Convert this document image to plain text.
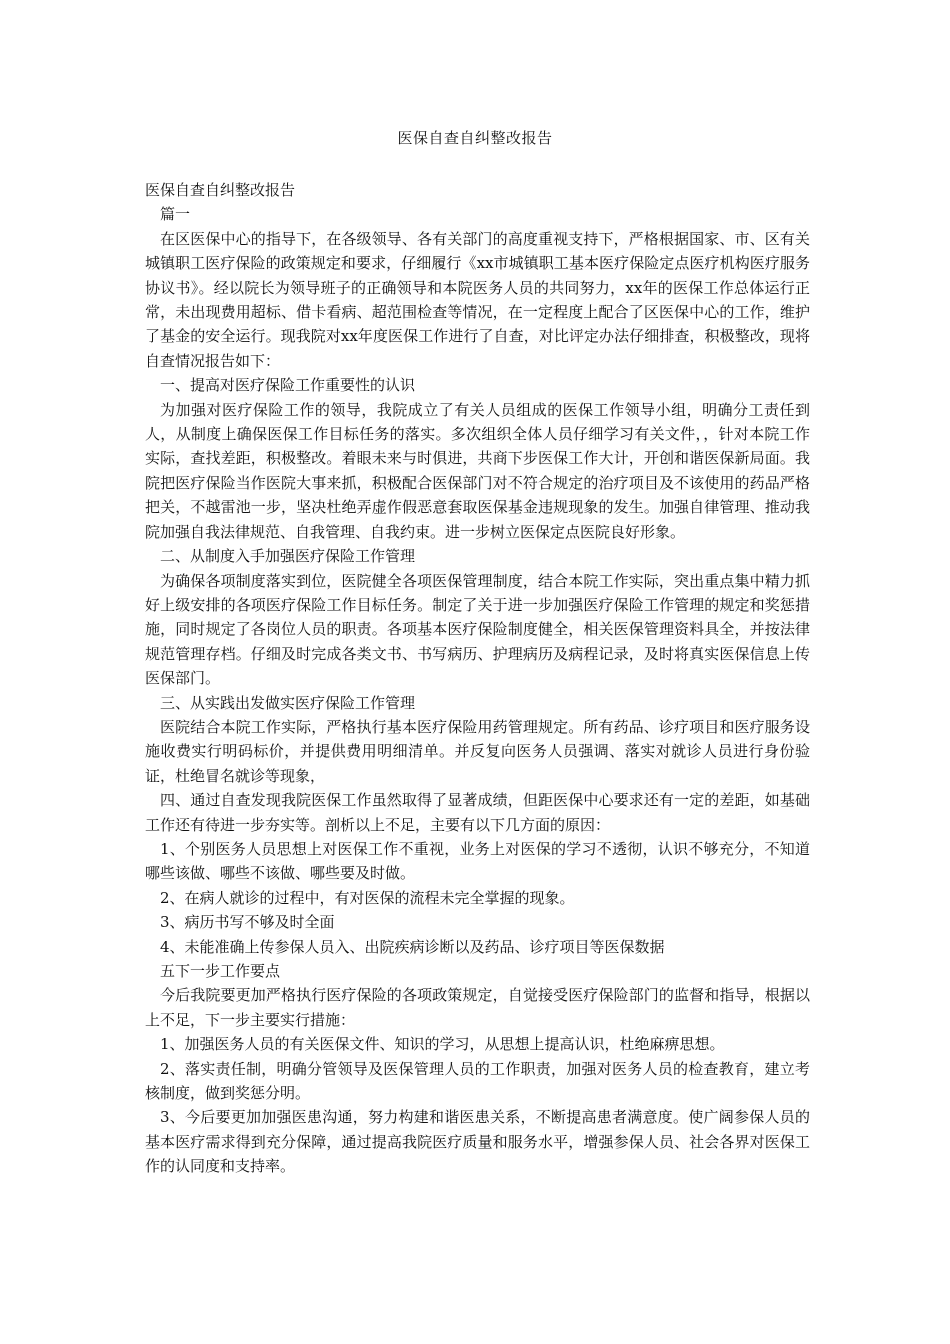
医保自查自纠整改报告

医保自查自纠整改报告

篇一

在区医保中心的指导下，在各级领导、各有关部门的高度重视支持下，严格根据国家、市、区有关城镇职工医疗保险的政策规定和要求，仔细履行《xx市城镇职工基本医疗保险定点医疗机构医疗服务协议书》。经以院长为领导班子的正确领导和本院医务人员的共同努力，xx年的医保工作总体运行正常，未出现费用超标、借卡看病、超范围检查等情况，在一定程度上配合了区医保中心的工作，维护了基金的安全运行。现我院对xx年度医保工作进行了自查，对比评定办法仔细排查，积极整改，现将自查情况报告如下：

一、提高对医疗保险工作重要性的认识

为加强对医疗保险工作的领导，我院成立了有关人员组成的医保工作领导小组，明确分工责任到人，从制度上确保医保工作目标任务的落实。多次组织全体人员仔细学习有关文件，，针对本院工作实际，查找差距，积极整改。着眼未来与时俱进，共商下步医保工作大计，开创和谐医保新局面。我院把医疗保险当作医院大事来抓，积极配合医保部门对不符合规定的治疗项目及不该使用的药品严格把关，不越雷池一步，坚决杜绝弄虚作假恶意套取医保基金违规现象的发生。加强自律管理、推动我院加强自我法律规范、自我管理、自我约束。进一步树立医保定点医院良好形象。

二、从制度入手加强医疗保险工作管理

为确保各项制度落实到位，医院健全各项医保管理制度，结合本院工作实际，突出重点集中精力抓好上级安排的各项医疗保险工作目标任务。制定了关于进一步加强医疗保险工作管理的规定和奖惩措施，同时规定了各岗位人员的职责。各项基本医疗保险制度健全，相关医保管理资料具全，并按法律规范管理存档。仔细及时完成各类文书、书写病历、护理病历及病程记录，及时将真实医保信息上传医保部门。

三、从实践出发做实医疗保险工作管理

医院结合本院工作实际，严格执行基本医疗保险用药管理规定。所有药品、诊疗项目和医疗服务设施收费实行明码标价，并提供费用明细清单。并反复向医务人员强调、落实对就诊人员进行身份验证，杜绝冒名就诊等现象，

四、通过自查发现我院医保工作虽然取得了显著成绩，但距医保中心要求还有一定的差距，如基础工作还有待进一步夯实等。剖析以上不足，主要有以下几方面的原因：

1、个别医务人员思想上对医保工作不重视，业务上对医保的学习不透彻，认识不够充分，不知道哪些该做、哪些不该做、哪些要及时做。

2、在病人就诊的过程中，有对医保的流程未完全掌握的现象。

3、病历书写不够及时全面

4、未能准确上传参保人员入、出院疾病诊断以及药品、诊疗项目等医保数据

五下一步工作要点

今后我院要更加严格执行医疗保险的各项政策规定，自觉接受医疗保险部门的监督和指导，根据以上不足，下一步主要实行措施：

1、加强医务人员的有关医保文件、知识的学习，从思想上提高认识，杜绝麻痹思想。

2、落实责任制，明确分管领导及医保管理人员的工作职责，加强对医务人员的检查教育，建立考核制度，做到奖惩分明。

3、今后要更加加强医患沟通，努力构建和谐医患关系，不断提高患者满意度。使广阔参保人员的基本医疗需求得到充分保障，通过提高我院医疗质量和服务水平，增强参保人员、社会各界对医保工作的认同度和支持率。
